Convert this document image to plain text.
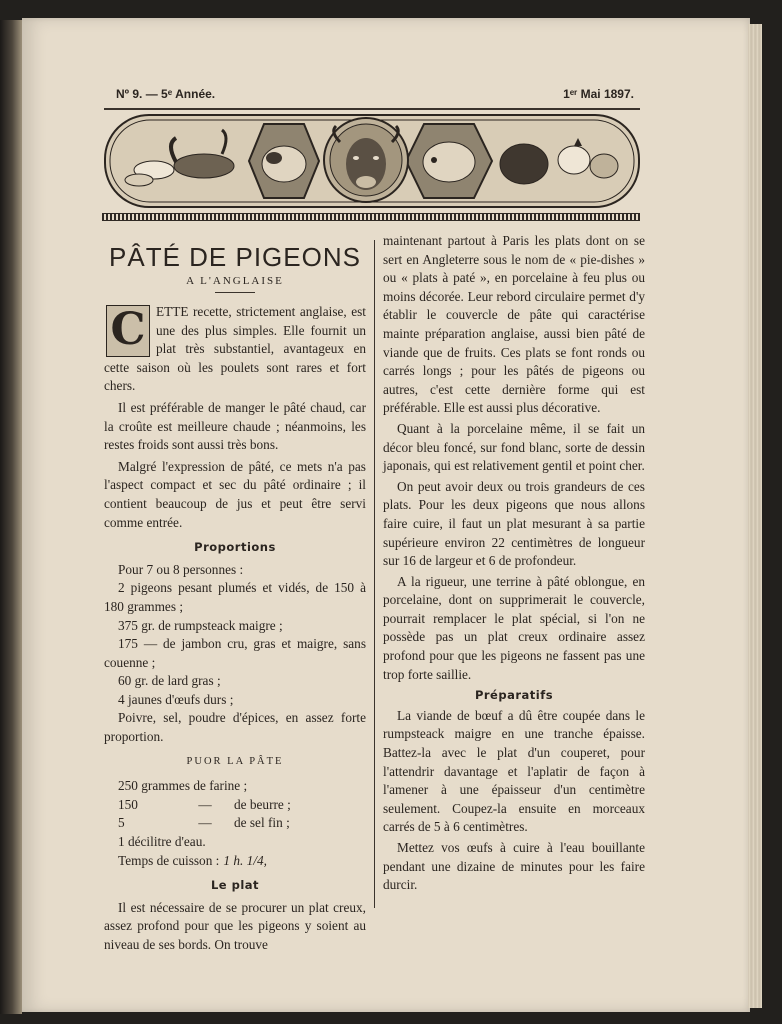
Nº 9. — 5ᵉ Année.	1ᵉʳ Mai 1897.
PÂTÉ DE PIGEONS
A L'ANGLAISE

C ETTE recette, strictement anglaise, est une des plus simples. Elle fournit un plat très substantiel, avantageux en cette saison où les poulets sont rares et fort chers.

Il est préférable de manger le pâté chaud, car la croûte est meilleure chaude ; néanmoins, les restes froids sont aussi très bons.

Malgré l'expression de pâté, ce mets n'a pas l'aspect compact et sec du pâté ordinaire ; il contient beaucoup de jus et peut être servi comme entrée.

Proportions

Pour 7 ou 8 personnes :

2 pigeons pesant plumés et vidés, de 150 à 180 grammes ;

375 gr. de rumpsteack maigre ;

175 — de jambon cru, gras et maigre, sans couenne ;

60 gr. de lard gras ;

4 jaunes d'œufs durs ;

Poivre, sel, poudre d'épices, en assez forte proportion.

PUOR LA PÂTE
250 grammes de farine ;
150	—	de beurre ;
5	—	de sel fin ;
1 décilitre d'eau.
Temps de cuisson : 1 h. 1/4,
Le plat

Il est nécessaire de se procurer un plat creux, assez profond pour que les pigeons y soient au niveau de ses bords. On trouve

maintenant partout à Paris les plats dont on se sert en Angleterre sous le nom de « pie-dishes » ou « plats à paté », en porcelaine à feu plus ou moins décorée. Leur rebord circulaire permet d'y établir le couvercle de pâte qui caractérise mainte préparation anglaise, aussi bien pâté de viande que de fruits. Ces plats se font ronds ou carrés longs ; pour les pâtés de pigeons ou autres, c'est cette dernière forme qui est préférable. Elle est aussi plus décorative.

Quant à la porcelaine même, il se fait un décor bleu foncé, sur fond blanc, sorte de dessin japonais, qui est relativement gentil et point cher.

On peut avoir deux ou trois grandeurs de ces plats. Pour les deux pigeons que nous allons faire cuire, il faut un plat mesurant à sa partie supérieure environ 22 centimètres de longueur sur 16 de largeur et 6 de profondeur.

A la rigueur, une terrine à pâté oblongue, en porcelaine, dont on supprimerait le couvercle, pourrait remplacer le plat spécial, si l'on ne possède pas un plat creux ordinaire assez profond pour que les pigeons ne fassent pas une trop forte saillie.

Préparatifs

La viande de bœuf a dû être coupée dans le rumpsteack maigre en une tranche épaisse. Battez-la avec le plat d'un couperet, pour l'attendrir davantage et l'aplatir de façon à l'amener à une épaisseur d'un centimètre seulement. Coupez-la ensuite en morceaux carrés de 5 à 6 centimètres.

Mettez vos œufs à cuire à l'eau bouillante pendant une dizaine de minutes pour les faire durcir.
